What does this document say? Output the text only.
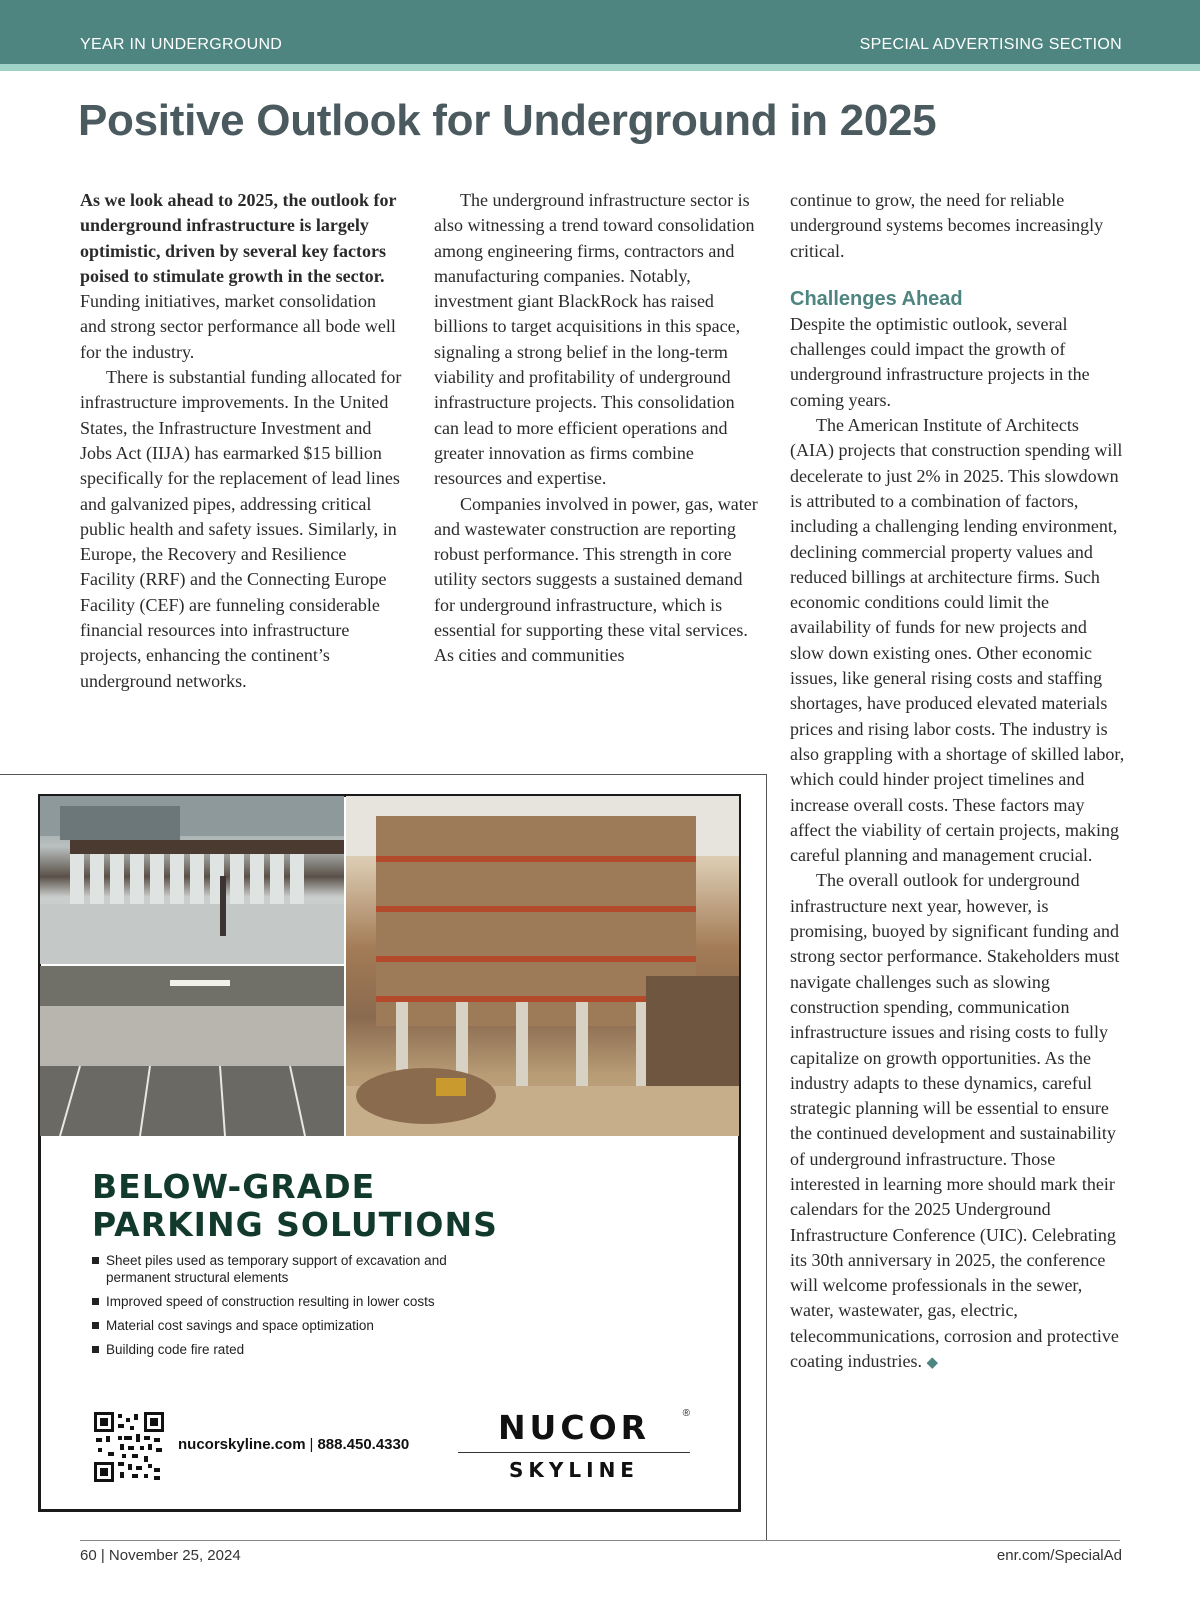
YEAR IN UNDERGROUND	SPECIAL ADVERTISING SECTION
Positive Outlook for Underground in 2025

As we look ahead to 2025, the outlook for underground infrastructure is largely optimistic, driven by several key factors poised to stimulate growth in the sector. Funding initiatives, market consolidation and strong sector performance all bode well for the industry.

There is substantial funding allocated for infrastructure improvements. In the United States, the Infrastructure Investment and Jobs Act (IIJA) has earmarked $15 billion specifically for the replacement of lead lines and galvanized pipes, addressing critical public health and safety issues. Similarly, in Europe, the Recovery and Resilience Facility (RRF) and the Connecting Europe Facility (CEF) are funneling considerable financial resources into infrastructure projects, enhancing the continent’s underground networks.

The underground infrastructure sector is also witnessing a trend toward consolidation among engineering firms, contractors and manufacturing companies. Notably, investment giant BlackRock has raised billions to target acquisitions in this space, signaling a strong belief in the long-term viability and profitability of underground infrastructure projects. This consolidation can lead to more efficient operations and greater innovation as firms combine resources and expertise.

Companies involved in power, gas, water and wastewater construction are reporting robust performance. This strength in core utility sectors suggests a sustained demand for underground infrastructure, which is essential for supporting these vital services. As cities and communities

continue to grow, the need for reliable underground systems becomes increasingly critical.

Challenges Ahead

Despite the optimistic outlook, several challenges could impact the growth of underground infrastructure projects in the coming years.

The American Institute of Architects (AIA) projects that construction spending will decelerate to just 2% in 2025. This slowdown is attributed to a combination of factors, including a challenging lending environment, declining commercial property values and reduced billings at architecture firms. Such economic conditions could limit the availability of funds for new projects and slow down existing ones. Other economic issues, like general rising costs and staffing shortages, have produced elevated materials prices and rising labor costs. The industry is also grappling with a shortage of skilled labor, which could hinder project timelines and increase overall costs. These factors may affect the viability of certain projects, making careful planning and management crucial.

The overall outlook for underground infrastructure next year, however, is promising, buoyed by significant funding and strong sector performance. Stakeholders must navigate challenges such as slowing construction spending, communication infrastructure issues and rising costs to fully capitalize on growth opportunities. As the industry adapts to these dynamics, careful strategic planning will be essential to ensure the continued development and sustainability of underground infrastructure. Those interested in learning more should mark their calendars for the 2025 Underground Infrastructure Conference (UIC). Celebrating its 30th anniversary in 2025, the conference will welcome professionals in the sewer, water, wastewater, gas, electric, telecommunications, corrosion and protective coating industries. ◆

BELOW-GRADE
PARKING SOLUTIONS
Sheet piles used as temporary support of excavation and permanent structural elements
Improved speed of construction resulting in lower costs
Material cost savings and space optimization
Building code fire rated
nucorskyline.com | 888.450.4330	NUCOR	®
SKYLINE
60 | November 25, 2024	enr.com/SpecialAd
